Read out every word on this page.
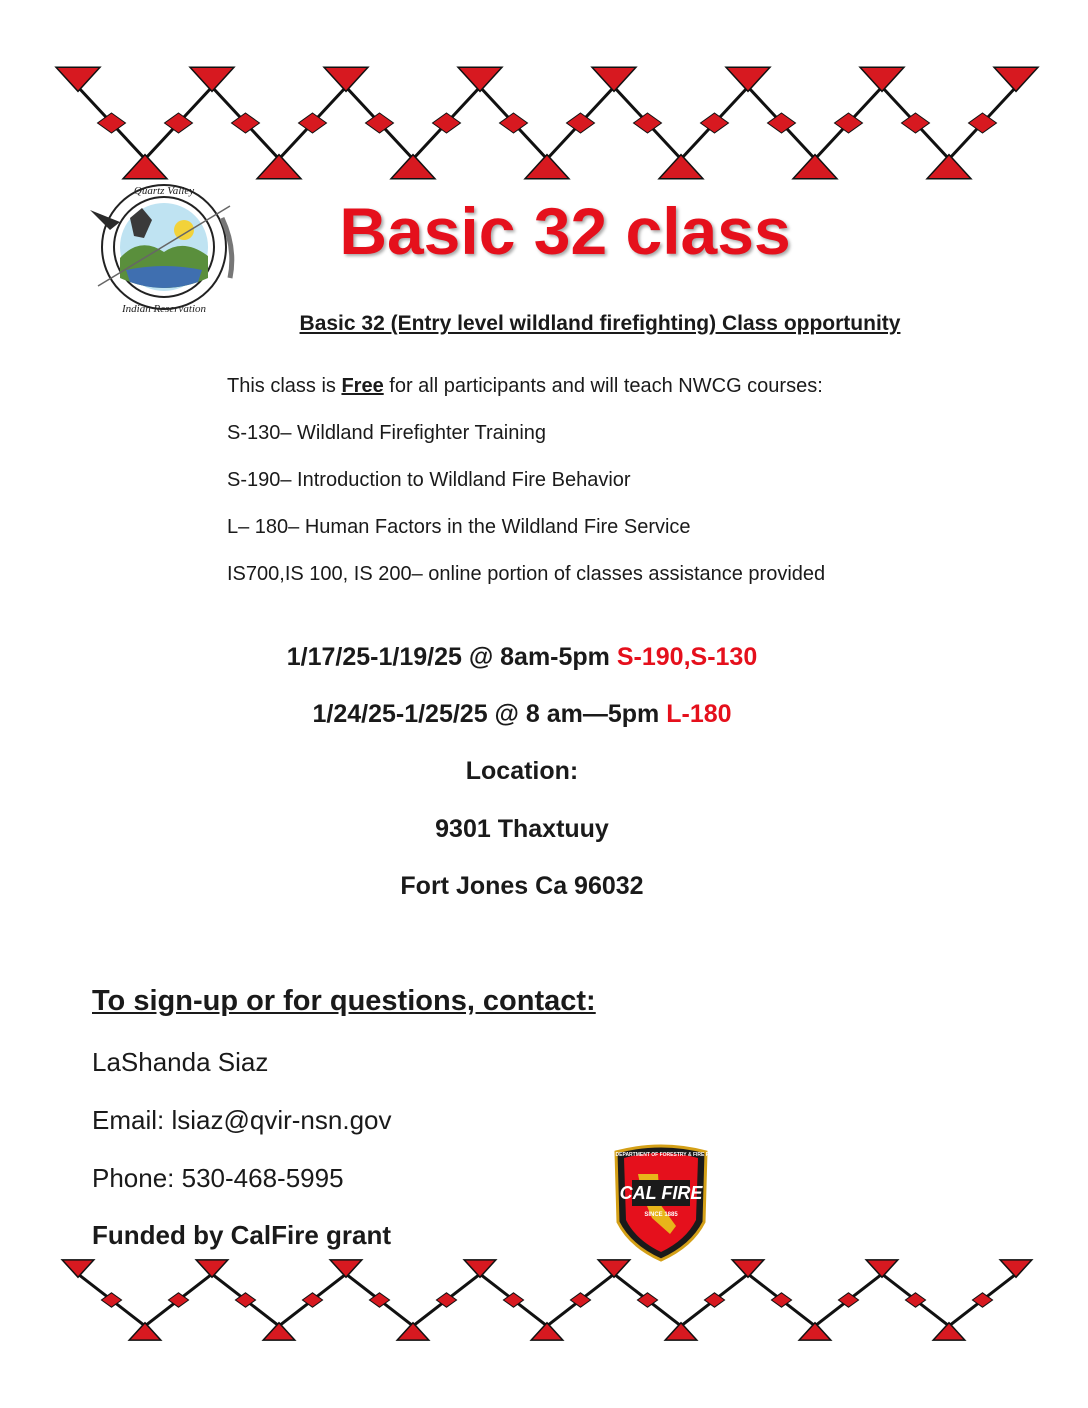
Quartz Valley
Indian Reservation
Basic 32 class
Basic 32 (Entry level wildland firefighting) Class opportunity
This class is Free for all participants and will teach NWCG courses:
S-130– Wildland Firefighter Training
S-190– Introduction to Wildland Fire Behavior
L– 180– Human Factors in the Wildland Fire Service
IS700,IS 100, IS 200– online portion of classes assistance provided
1/17/25-1/19/25 @ 8am-5pm S-190,S-130
1/24/25-1/25/25 @ 8 am—5pm L-180
Location:
9301 Thaxtuuy
Fort Jones Ca 96032
To sign-up or for questions, contact:
LaShanda Siaz
Email: lsiaz@qvir-nsn.gov
Phone: 530-468-5995
Funded by CalFire grant
CALIFORNIA DEPARTMENT OF FORESTRY & FIRE PROTECTION
CAL FIRE
SINCE 1885
